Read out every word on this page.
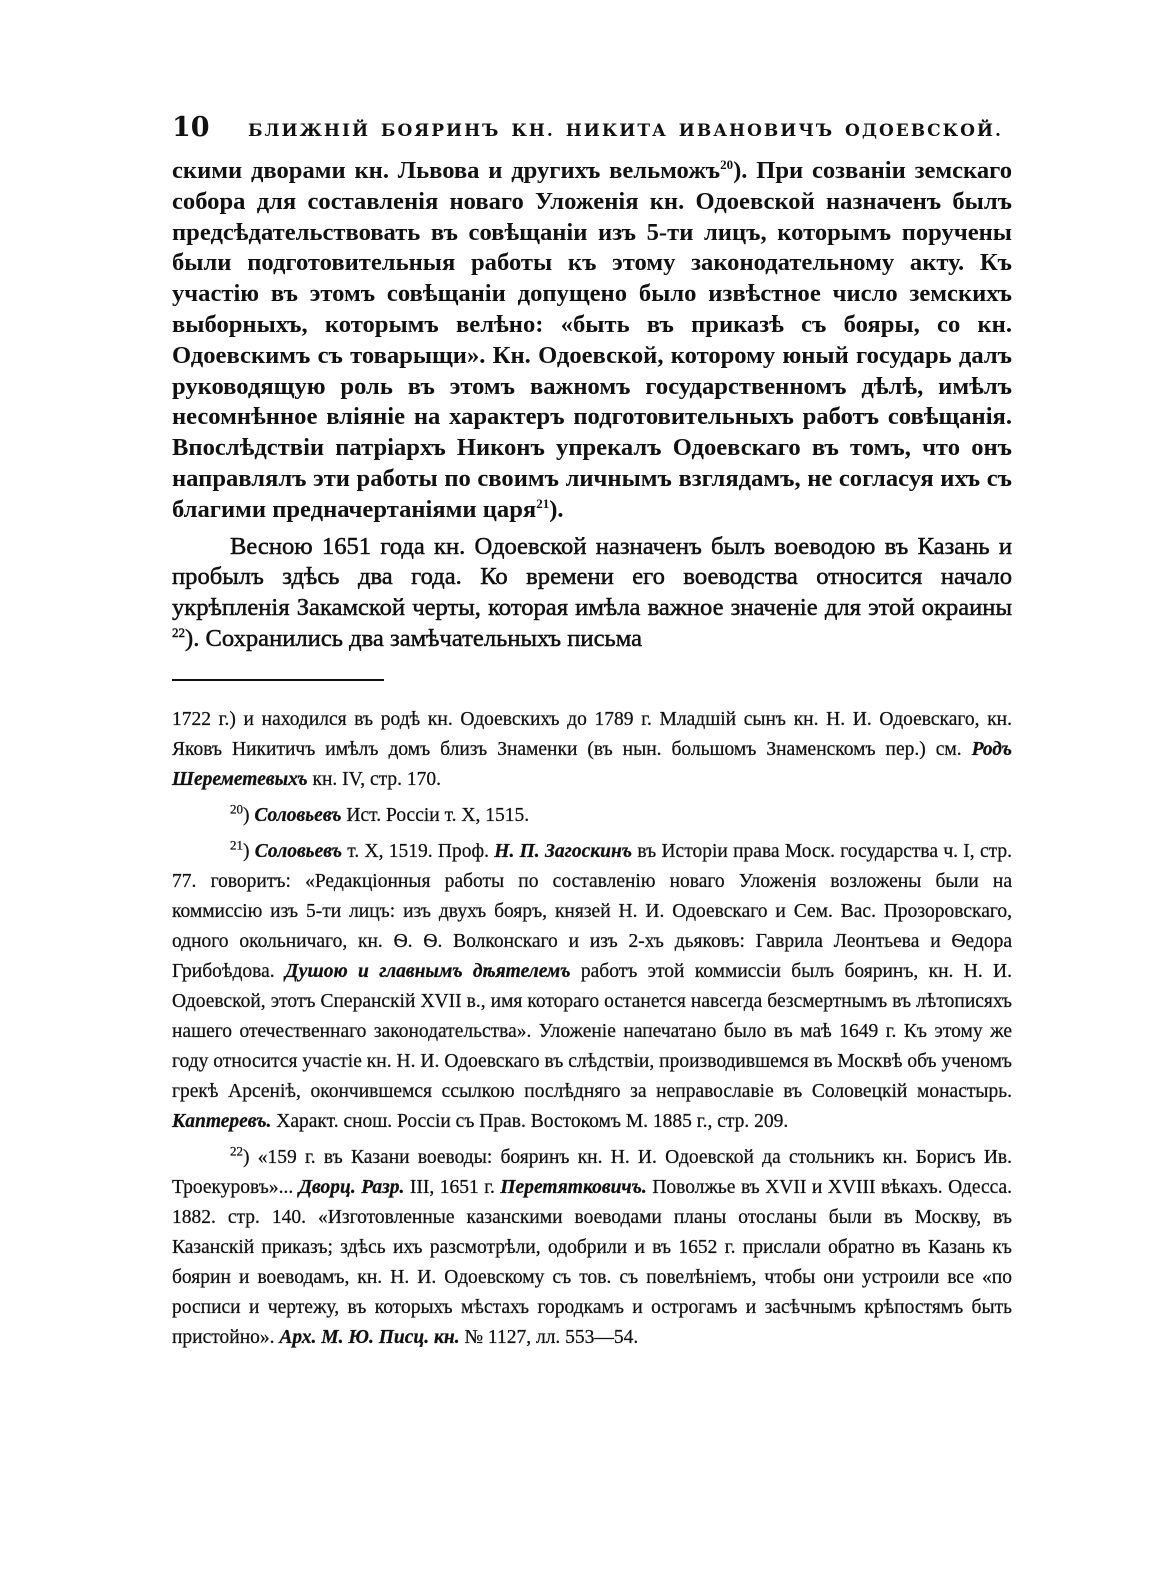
10	БЛИЖНІЙ БОЯРИНЪ КН. НИКИТА ИВАНОВИЧЪ ОДОЕВСКОЙ.

скими дворами кн. Львова и другихъ вельможъ$^{20}$). При созваніи земскаго собора для составленія новаго Уложенія кн. Одоевской назначенъ былъ предсѣдательствовать въ совѣщаніи изъ 5-ти лицъ, которымъ поручены были подготовительныя работы къ этому законодательному акту. Къ участію въ этомъ совѣщаніи допущено было извѣстное число земскихъ выборныхъ, которымъ велѣно: «быть въ приказѣ съ бояры, со кн. Одоевскимъ съ товарыщи». Кн. Одоевской, которому юный государь далъ руководящую роль въ этомъ важномъ государственномъ дѣлѣ, имѣлъ несомнѣнное вліяніе на характеръ подготовительныхъ работъ совѣщанія. Впослѣдствіи патріархъ Никонъ упрекалъ Одоевскаго въ томъ, что онъ направлялъ эти работы по своимъ личнымъ взглядамъ, не согласуя ихъ съ благими предначертаніями царя$^{21}$).

Весною 1651 года кн. Одоевской назначенъ былъ воеводою въ Казань и пробылъ здѣсь два года. Ко времени его воеводства относится начало укрѣпленія Закамской черты, которая имѣла важное значеніе для этой окраины $^{22}$). Сохранились два замѣчательныхъ письма

1722 г.) и находился въ родѣ кн. Одоевскихъ до 1789 г. Младшій сынъ кн. Н. И. Одоевскаго, кн. Яковъ Никитичъ имѣлъ домъ близъ Знаменки (въ нын. большомъ Знаменскомъ пер.) см. Родъ Шереметевыхъ кн. IV, стр. 170.

$^{20}$) Соловьевъ Ист. Россіи т. X, 1515.

$^{21}$) Соловьевъ т. X, 1519. Проф. Н. П. Загоскинъ въ Исторіи права Моск. государства ч. I, стр. 77. говоритъ: «Редакціонныя работы по составленію новаго Уложенія возложены были на коммиссію изъ 5-ти лицъ: изъ двухъ бояръ, князей Н. И. Одоевскаго и Сем. Вас. Прозоровскаго, одного окольничаго, кн. Ѳ. Ѳ. Волконскаго и изъ 2-хъ дьяковъ: Гаврила Леонтьева и Ѳедора Грибоѣдова. Душою и главнымъ дѣятелемъ работъ этой коммиссіи былъ бояринъ, кн. Н. И. Одоевской, этотъ Сперанскій XVII в., имя котораго останется навсегда безсмертнымъ въ лѣтописяхъ нашего отечественнаго законодательства». Уложеніе напечатано было въ маѣ 1649 г. Къ этому же году относится участіе кн. Н. И. Одоевскаго въ слѣдствіи, производившемся въ Москвѣ объ ученомъ грекѣ Арсеніѣ, окончившемся ссылкою послѣдняго за неправославіе въ Соловецкій монастырь. Каптеревъ. Характ. снош. Россіи съ Прав. Востокомъ М. 1885 г., стр. 209.

$^{22}$) «159 г. въ Казани воеводы: бояринъ кн. Н. И. Одоевской да стольникъ кн. Борисъ Ив. Троекуровъ»... Дворц. Разр. III, 1651 г. Перетятковичъ. Поволжье въ XVII и XVIII вѣкахъ. Одесса. 1882. стр. 140. «Изготовленные казанскими воеводами планы отосланы были въ Москву, въ Казанскій приказъ; здѣсь ихъ разсмотрѣли, одобрили и въ 1652 г. прислали обратно въ Казань къ боярин и воеводамъ, кн. Н. И. Одоевскому съ тов. съ повелѣніемъ, чтобы они устроили все «по росписи и чертежу, въ которыхъ мѣстахъ городкамъ и острогамъ и засѣчнымъ крѣпостямъ быть пристойно». Арх. М. Ю. Писц. кн. № 1127, лл. 553—54.
